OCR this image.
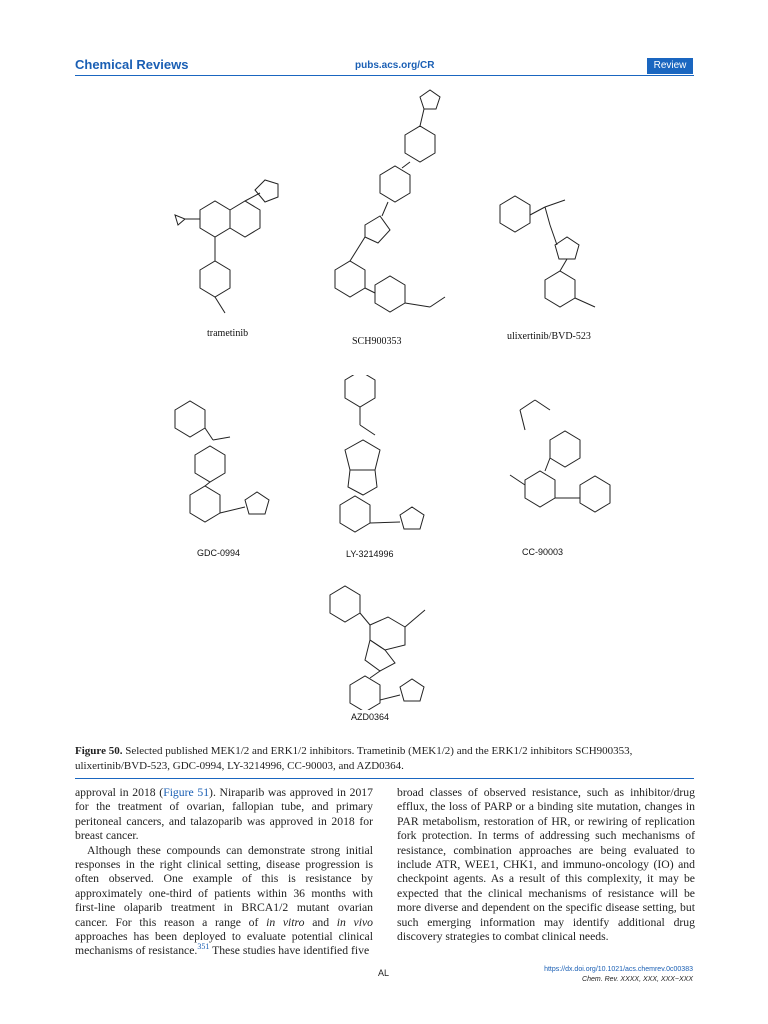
Chemical Reviews	pubs.acs.org/CR	Review
trametinib
SCH900353	ulixertinib/BVD-523
GDC-0994	LY-3214996	CC-90003
AZD0364
Figure 50. Selected published MEK1/2 and ERK1/2 inhibitors. Trametinib (MEK1/2) and the ERK1/2 inhibitors SCH900353, ulixertinib/BVD-523, GDC-0994, LY-3214996, CC-90003, and AZD0364.

approval in 2018 (Figure 51). Niraparib was approved in 2017 for the treatment of ovarian, fallopian tube, and primary peritoneal cancers, and talazoparib was approved in 2018 for breast cancer.

Although these compounds can demonstrate strong initial responses in the right clinical setting, disease progression is often observed. One example of this is resistance by approximately one-third of patients within 36 months with first-line olaparib treatment in BRCA1/2 mutant ovarian cancer. For this reason a range of in vitro and in vivo approaches has been deployed to evaluate potential clinical mechanisms of resistance.$^{351}$ These studies have identified five

broad classes of observed resistance, such as inhibitor/drug efflux, the loss of PARP or a binding site mutation, changes in PAR metabolism, restoration of HR, or rewiring of replication fork protection. In terms of addressing such mechanisms of resistance, combination approaches are being evaluated to include ATR, WEE1, CHK1, and immuno-oncology (IO) and checkpoint agents. As a result of this complexity, it may be expected that the clinical mechanisms of resistance will be more diverse and dependent on the specific disease setting, but such emerging information may identify additional drug discovery strategies to combat clinical needs.

AL	https://dx.doi.org/10.1021/acs.chemrev.0c00383
Chem. Rev. XXXX, XXX, XXX−XXX
